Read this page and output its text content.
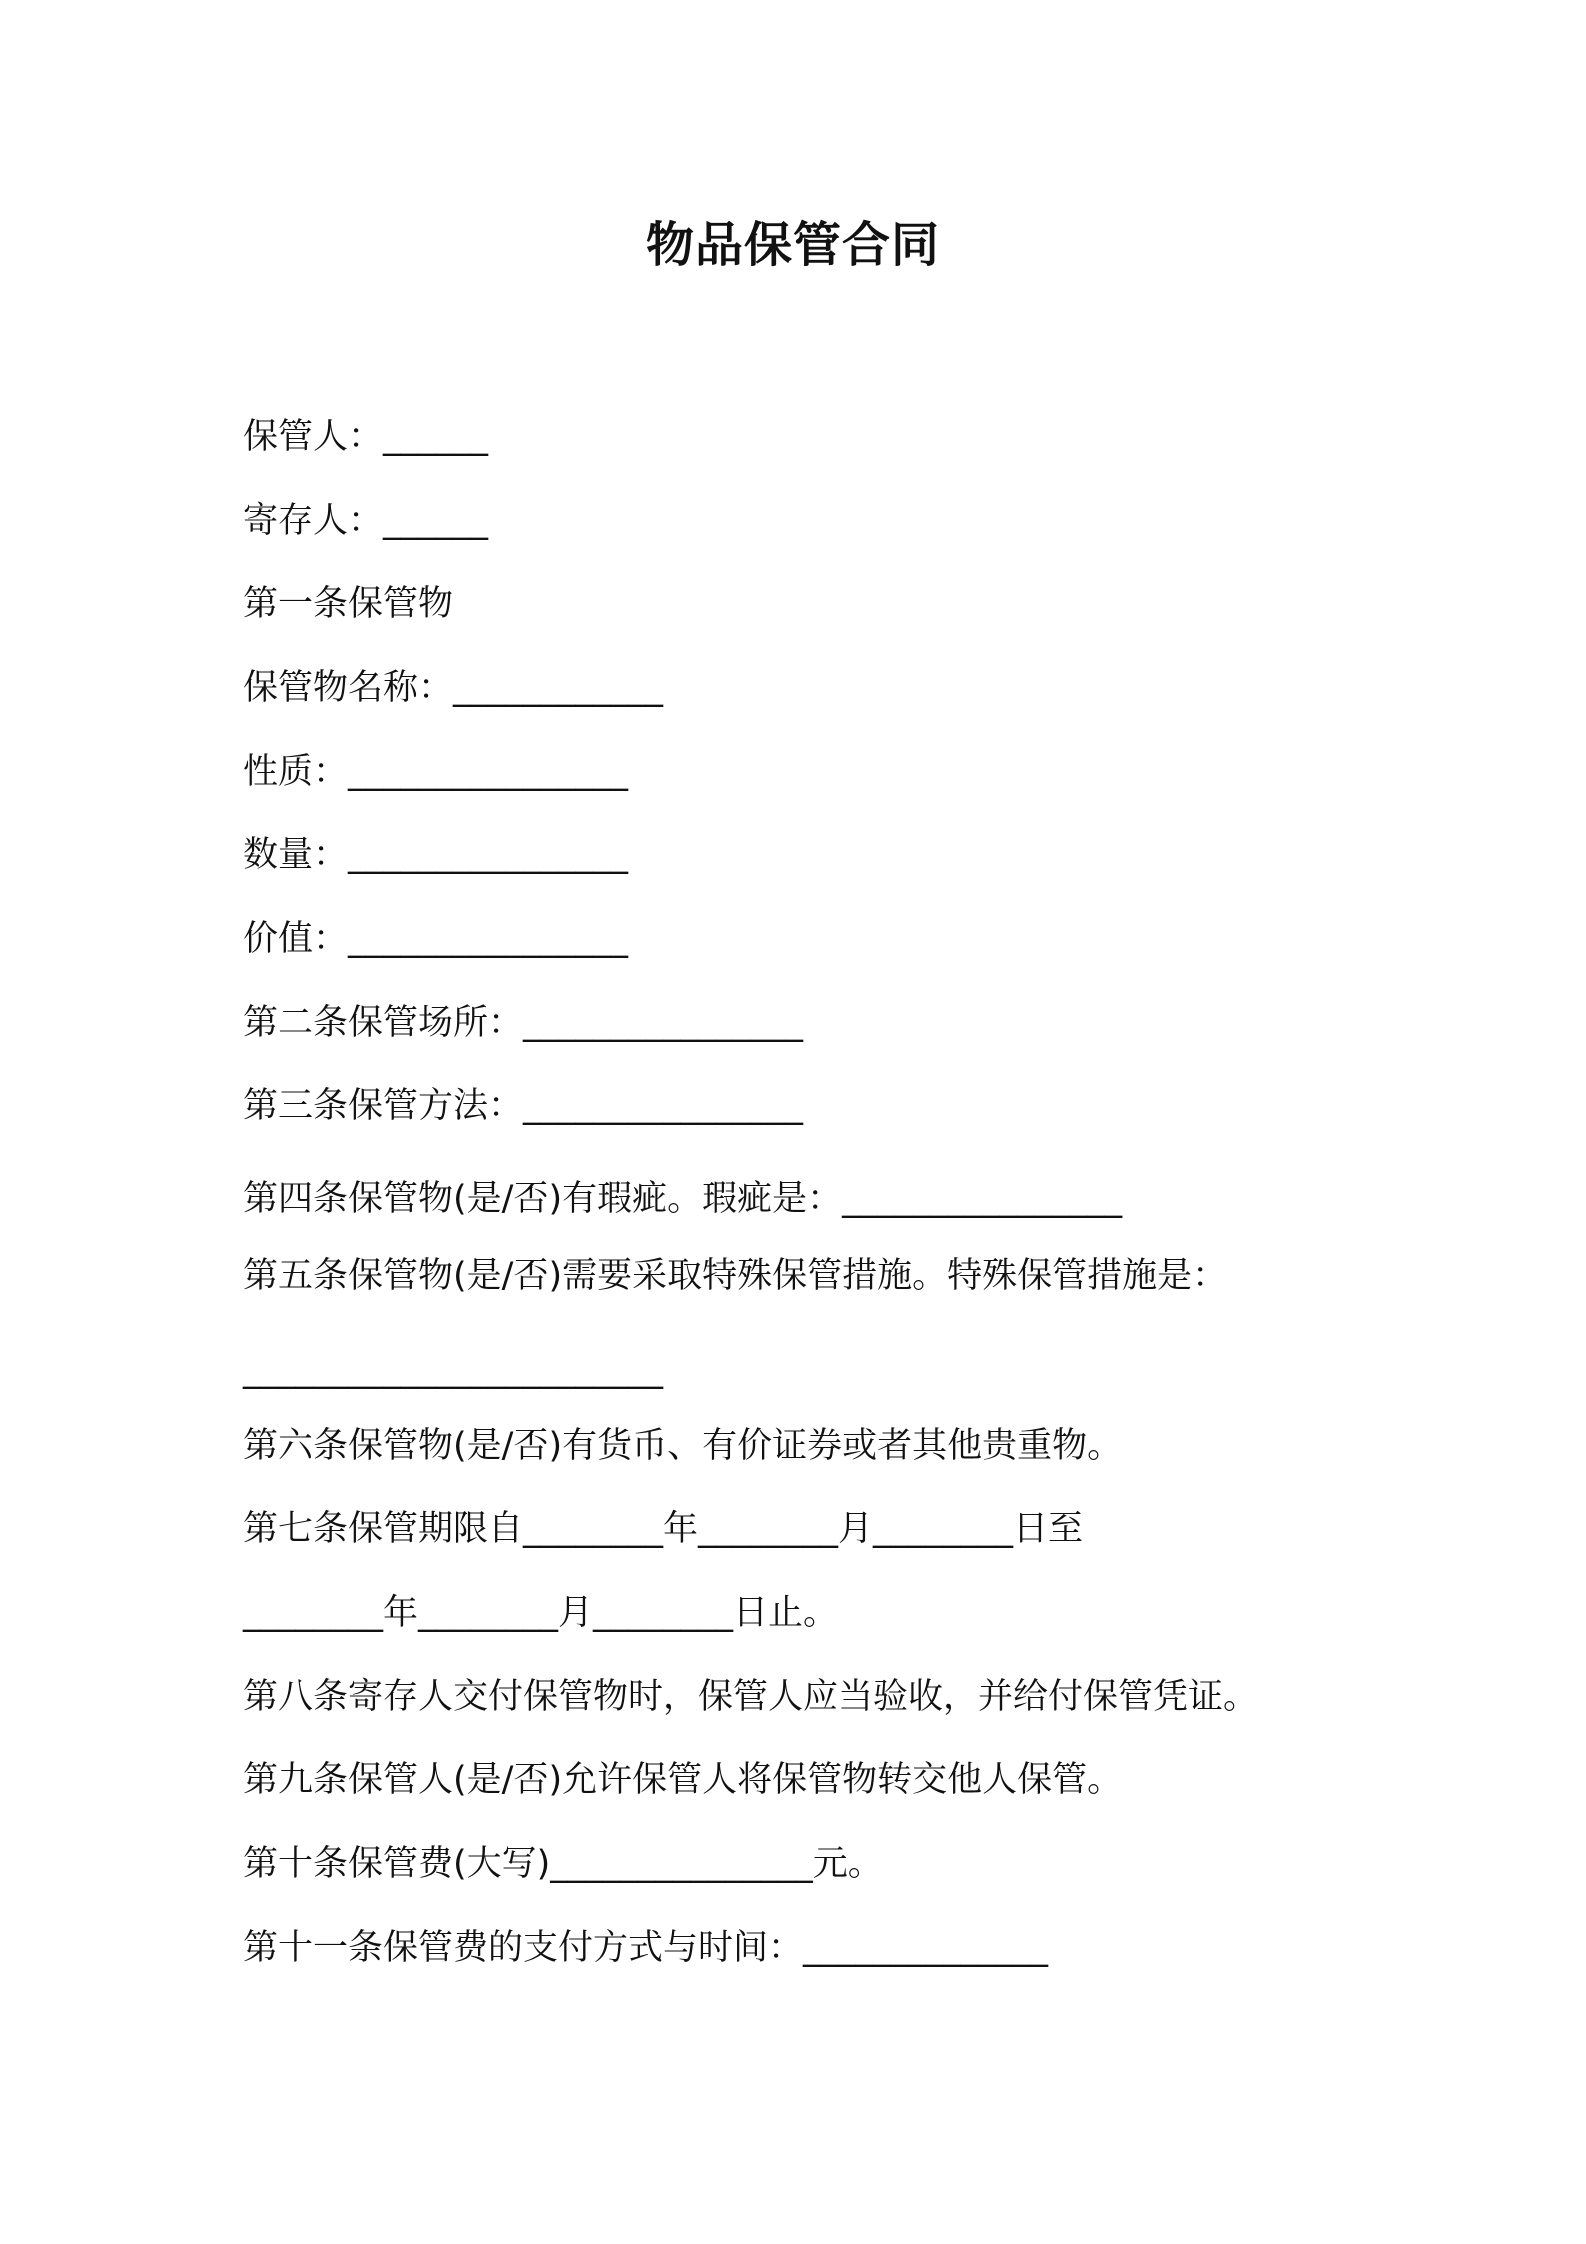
物品保管合同
保管人：______
寄存人：______
第一条保管物
保管物名称：____________
性质：________________
数量：________________
价值：________________
第二条保管场所：________________
第三条保管方法：________________
第四条保管物(是/否)有瑕疵。瑕疵是：________________
第五条保管物(是/否)需要采取特殊保管措施。特殊保管措施是：
________________________
第六条保管物(是/否)有货币、有价证券或者其他贵重物。
第七条保管期限自________年________月________日至
________年________月________日止。
第八条寄存人交付保管物时，保管人应当验收，并给付保管凭证。
第九条保管人(是/否)允许保管人将保管物转交他人保管。
第十条保管费(大写)_______________元。
第十一条保管费的支付方式与时间：______________
